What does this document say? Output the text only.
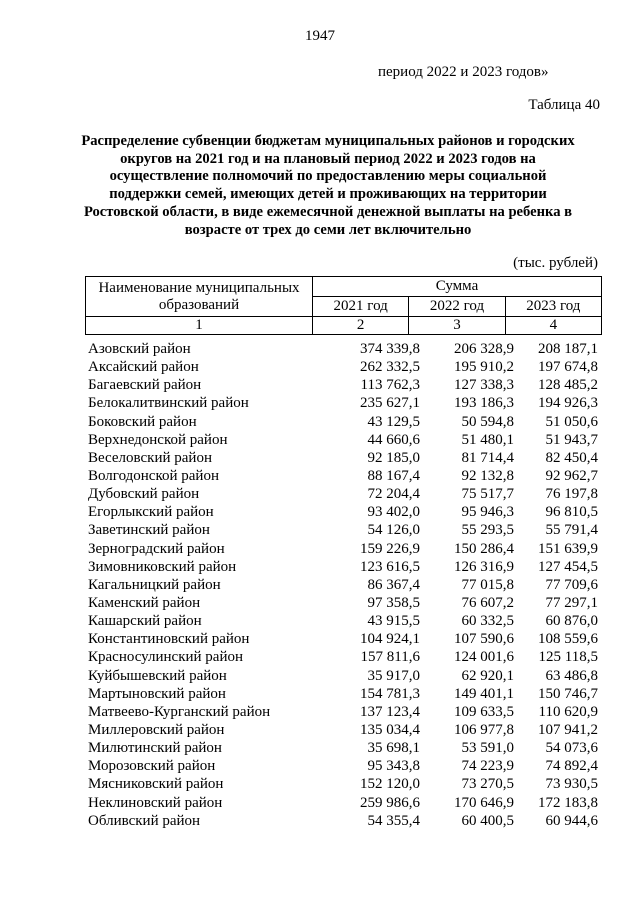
1947
период 2022 и 2023 годов»
Таблица 40
Распределение субвенции бюджетам муниципальных районов и городских округов на 2021 год и на плановый период 2022 и 2023 годов на осуществление полномочий по предоставлению меры социальной поддержки семей, имеющих детей и проживающих на территории Ростовской области, в виде ежемесячной денежной выплаты на ребенка в возрасте от трех до семи лет включительно
(тыс. рублей)
Наименование муниципальных образований	Сумма		
	2021 год	2022 год	2023 год
1	2	3	4
Азовский район	374 339,8	206 328,9	208 187,1
Аксайский район	262 332,5	195 910,2	197 674,8
Багаевский район	113 762,3	127 338,3	128 485,2
Белокалитвинский район	235 627,1	193 186,3	194 926,3
Боковский район	43 129,5	50 594,8	51 050,6
Верхнедонской район	44 660,6	51 480,1	51 943,7
Веселовский район	92 185,0	81 714,4	82 450,4
Волгодонской район	88 167,4	92 132,8	92 962,7
Дубовский район	72 204,4	75 517,7	76 197,8
Егорлыкский район	93 402,0	95 946,3	96 810,5
Заветинский район	54 126,0	55 293,5	55 791,4
Зерноградский район	159 226,9	150 286,4	151 639,9
Зимовниковский район	123 616,5	126 316,9	127 454,5
Кагальницкий район	86 367,4	77 015,8	77 709,6
Каменский район	97 358,5	76 607,2	77 297,1
Кашарский район	43 915,5	60 332,5	60 876,0
Константиновский район	104 924,1	107 590,6	108 559,6
Красносулинский район	157 811,6	124 001,6	125 118,5
Куйбышевский район	35 917,0	62 920,1	63 486,8
Мартыновский район	154 781,3	149 401,1	150 746,7
Матвеево-Курганский район	137 123,4	109 633,5	110 620,9
Миллеровский район	135 034,4	106 977,8	107 941,2
Милютинский район	35 698,1	53 591,0	54 073,6
Морозовский район	95 343,8	74 223,9	74 892,4
Мясниковский район	152 120,0	73 270,5	73 930,5
Неклиновский район	259 986,6	170 646,9	172 183,8
Обливский район	54 355,4	60 400,5	60 944,6
